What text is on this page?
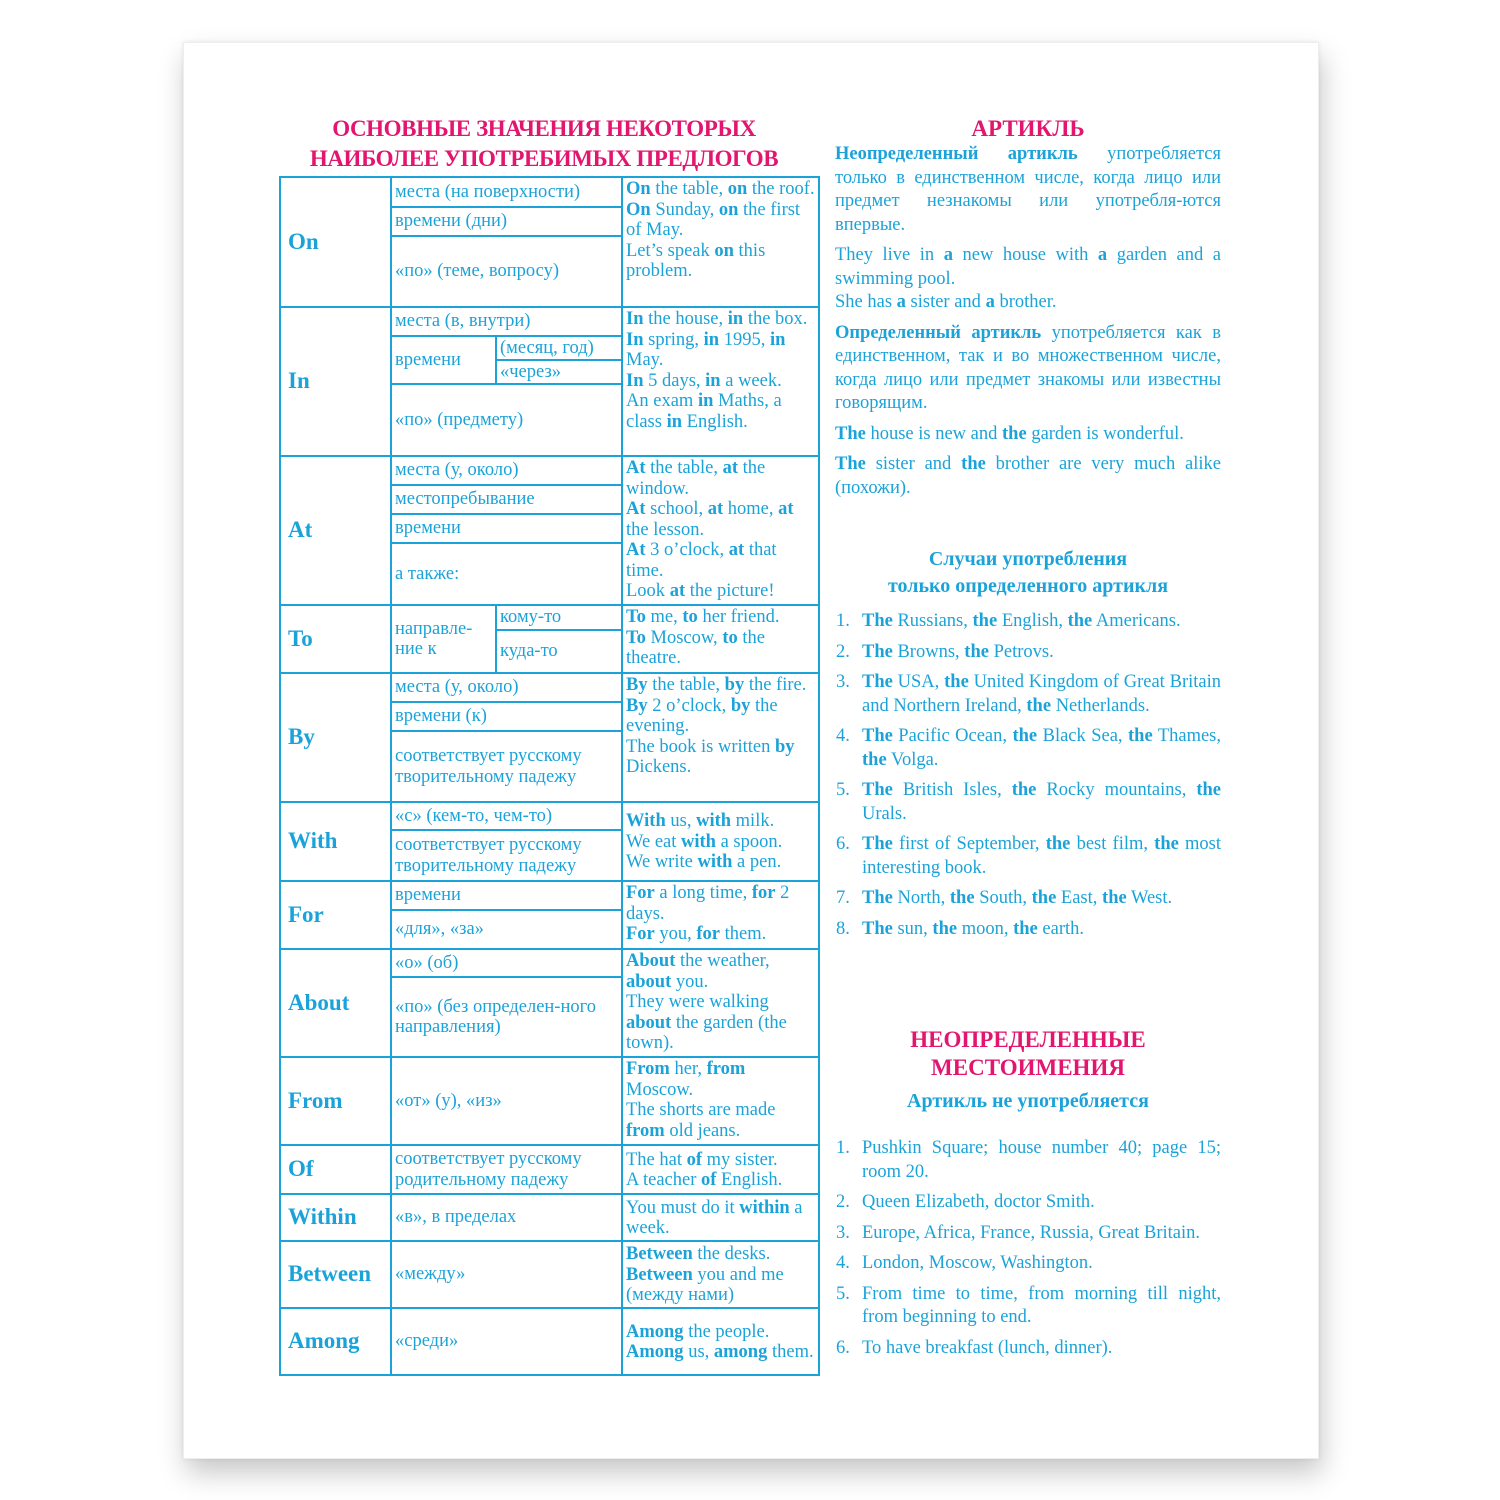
ОСНОВНЫЕ ЗНАЧЕНИЯ НЕКОТОРЫХ
НАИБОЛЕЕ УПОТРЕБИМЫХ ПРЕДЛОГОВ
On	места (на поверхности)		On the table, on the roof.
On Sunday, on the first of May.
Let’s speak on this problem.

	времени (дни)		
	«по» (теме, вопросу)		
In	места (в, внутри)		In the house, in the box.
In spring, in 1995, in May.
In 5 days, in a week.
An exam in Maths, a class in English.

	времени	(месяц, год)	
		«через»	
	«по» (предмету)		
At	места (у, около)		At the table, at the window.
At school, at home, at the lesson.
At 3 o’clock, at that time.
Look at the picture!

	местопребывание		
	времени		
	а также:		
To	направле-ние к	кому-то	To me, to her friend.
To Moscow, to the theatre.

		куда-то	
By	места (у, около)		By the table, by the fire.
By 2 o’clock, by the evening.
The book is written by Dickens.

	времени (к)		
	соответствует русскому творительному падежу		
With	«с» (кем-то, чем-то)		With us, with milk.
We eat with a spoon.
We write with a pen.

	соответствует русскому творительному падежу		
For	времени		For a long time, for 2 days.
For you, for them.

	«для», «за»		
About	«о» (об)		About the weather, about you.
They were walking about the garden (the town).

	«по» (без определен-ного направления)		
From	«от» (у), «из»		From her, from Moscow.
The shorts are made from old jeans.

Of	соответствует русскому родительному падежу		The hat of my sister.
A teacher of English.

Within	«в», в пределах		You must do it within a week.

Between	«между»		Between the desks.
Between you and me (между нами)

Among	«среди»		Among the people.
Among us, among them.
АРТИКЛЬ

Неопределенный артикль употребляется только в единственном числе, когда лицо или предмет незнакомы или употребля-ются впервые.

They live in a new house with a garden and a swimming pool.
She has a sister and a brother.

Определенный артикль употребляется как в единственном, так и во множественном числе, когда лицо или предмет знакомы или известны говорящим.

The house is new and the garden is wonderful.

The sister and the brother are very much alike (похожи).

Случаи употребления
только определенного артикля
1. The Russians, the English, the Americans.
2. The Browns, the Petrovs.
3. The USA, the United Kingdom of Great Britain and Northern Ireland, the Netherlands.
4. The Pacific Ocean, the Black Sea, the Thames, the Volga.
5. The British Isles, the Rocky mountains, the Urals.
6. The first of September, the best film, the most interesting book.
7. The North, the South, the East, the West.
8. The sun, the moon, the earth.
НЕОПРЕДЕЛЕННЫЕ
МЕСТОИМЕНИЯ
Артикль не употребляется
1. Pushkin Square; house number 40; page 15; room 20.
2. Queen Elizabeth, doctor Smith.
3. Europe, Africa, France, Russia, Great Britain.
4. London, Moscow, Washington.
5. From time to time, from morning till night, from beginning to end.
6. To have breakfast (lunch, dinner).
